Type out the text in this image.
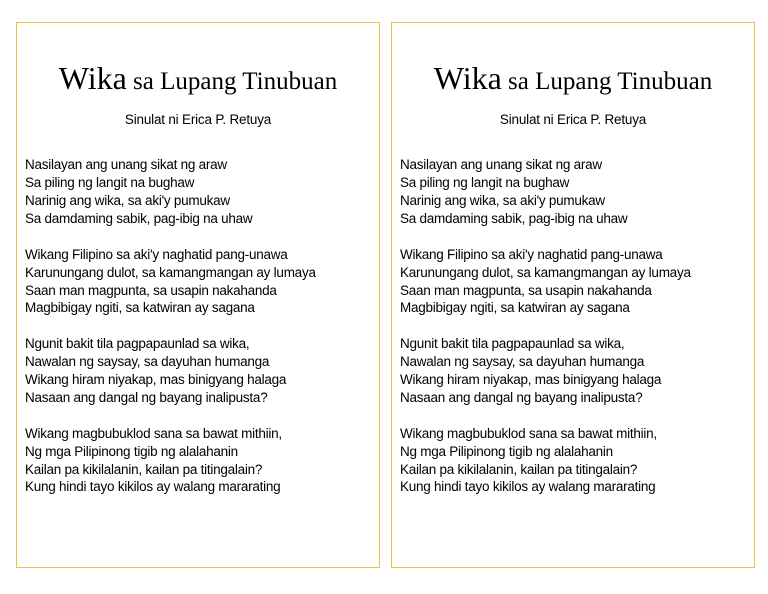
Wika sa Lupang Tinubuan
Sinulat ni Erica P. Retuya
Nasilayan ang unang sikat ng araw
Sa piling ng langit na bughaw
Narinig ang wika, sa aki'y pumukaw
Sa damdaming sabik, pag-ibig na uhaw
Wikang Filipino sa aki'y naghatid pang-unawa
Karunungang dulot, sa kamangmangan ay lumaya
Saan man magpunta, sa usapin nakahanda
Magbibigay ngiti, sa katwiran ay sagana
Ngunit bakit tila pagpapaunlad sa wika,
Nawalan ng saysay, sa dayuhan humanga
Wikang hiram niyakap, mas binigyang halaga
Nasaan ang dangal ng bayang inalipusta?
Wikang magbubuklod sana sa bawat mithiin,
Ng mga Pilipinong tigib ng alalahanin
Kailan pa kikilalanin, kailan pa titingalain?
Kung hindi tayo kikilos ay walang mararating
Wika sa Lupang Tinubuan
Sinulat ni Erica P. Retuya
Nasilayan ang unang sikat ng araw
Sa piling ng langit na bughaw
Narinig ang wika, sa aki'y pumukaw
Sa damdaming sabik, pag-ibig na uhaw
Wikang Filipino sa aki'y naghatid pang-unawa
Karunungang dulot, sa kamangmangan ay lumaya
Saan man magpunta, sa usapin nakahanda
Magbibigay ngiti, sa katwiran ay sagana
Ngunit bakit tila pagpapaunlad sa wika,
Nawalan ng saysay, sa dayuhan humanga
Wikang hiram niyakap, mas binigyang halaga
Nasaan ang dangal ng bayang inalipusta?
Wikang magbubuklod sana sa bawat mithiin,
Ng mga Pilipinong tigib ng alalahanin
Kailan pa kikilalanin, kailan pa titingalain?
Kung hindi tayo kikilos ay walang mararating
